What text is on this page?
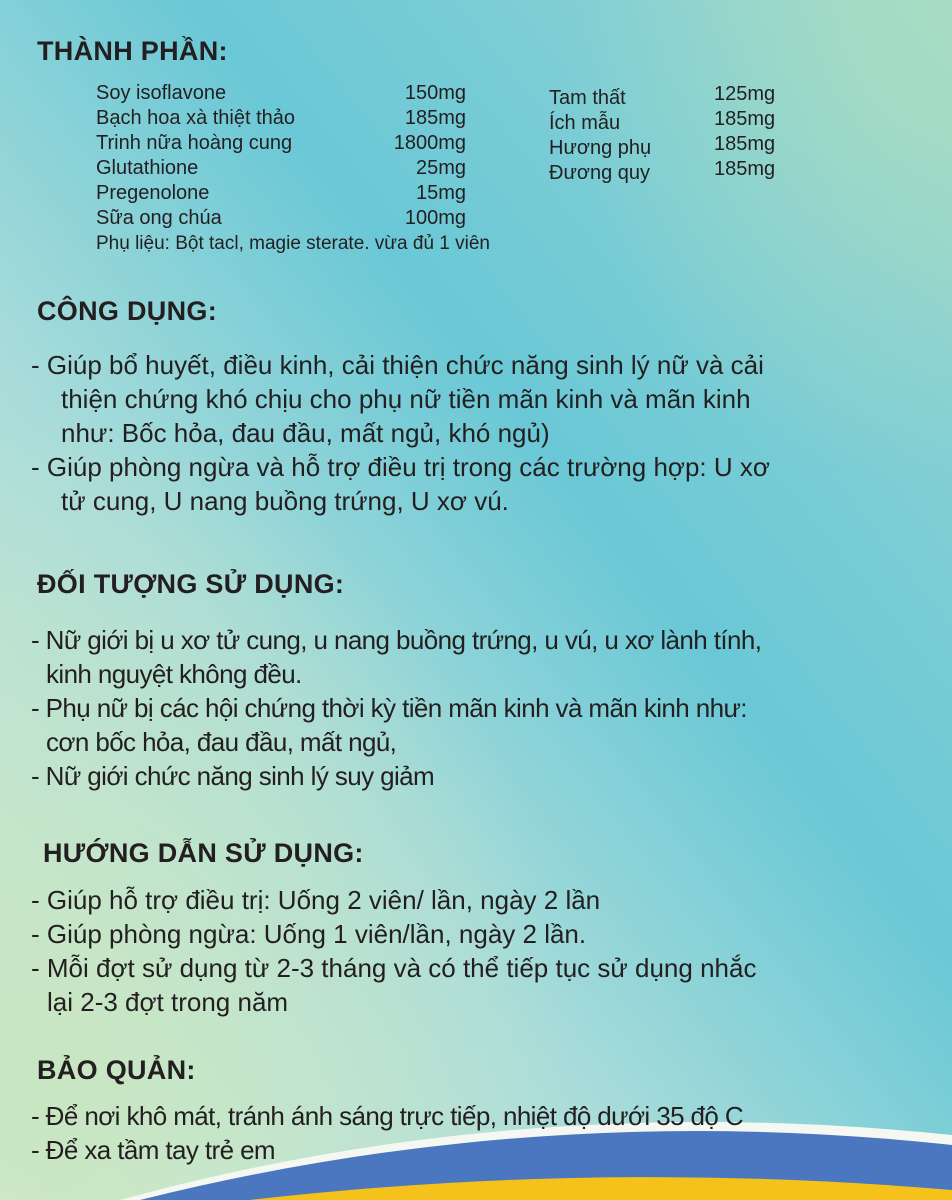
THÀNH PHẦN:
Soy isoflavone	150mg
Bạch hoa xà thiệt thảo	185mg
Trinh nữa hoàng cung	1800mg
Glutathione	25mg
Pregenolone	15mg
Sữa ong chúa	100mg
Tam thất	125mg
Ích mẫu	185mg
Hương phụ	185mg
Đương quy	185mg
Phụ liệu: Bột tacl, magie sterate. vừa đủ 1 viên
CÔNG DỤNG:
- Giúp bổ huyết, điều kinh, cải thiện chức năng sinh lý nữ và cải
thiện chứng khó chịu cho phụ nữ tiền mãn kinh và mãn kinh
như: Bốc hỏa, đau đầu, mất ngủ, khó ngủ)
- Giúp phòng ngừa và hỗ trợ điều trị trong các trường hợp: U xơ
tử cung, U nang buồng trứng, U xơ vú.
ĐỐI TƯỢNG SỬ DỤNG:
- Nữ giới bị u xơ tử cung, u nang buồng trứng, u vú, u xơ lành tính,
kinh nguyệt không đều.
- Phụ nữ bị các hội chứng thời kỳ tiền mãn kinh và mãn kinh như:
cơn bốc hỏa, đau đầu, mất ngủ,
- Nữ giới chức năng sinh lý suy giảm
HƯỚNG DẪN SỬ DỤNG:
- Giúp hỗ trợ điều trị: Uống 2 viên/ lần, ngày 2 lần
- Giúp phòng ngừa: Uống 1 viên/lần, ngày 2 lần.
- Mỗi đợt sử dụng từ 2-3 tháng và có thể tiếp tục sử dụng nhắc
lại 2-3 đợt trong năm
BẢO QUẢN:
- Để nơi khô mát, tránh ánh sáng trực tiếp, nhiệt độ dưới 35 độ C
- Để xa tầm tay trẻ em
